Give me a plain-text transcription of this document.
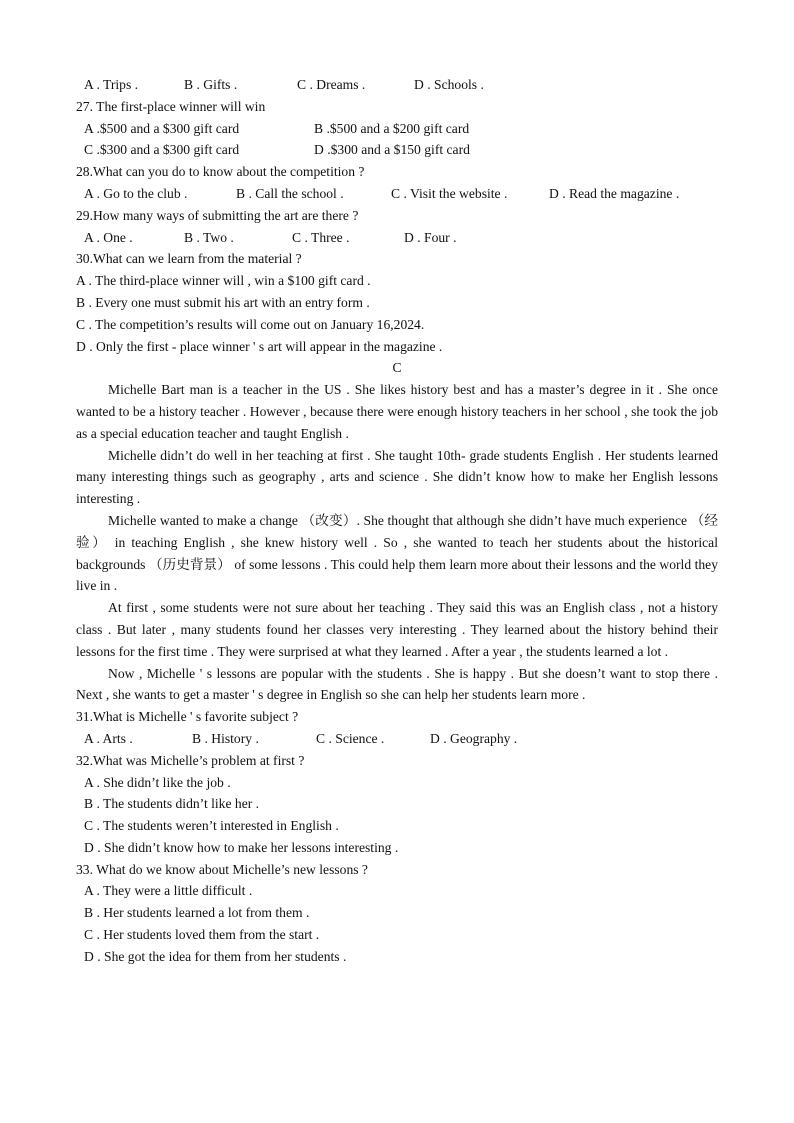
A . Trips .	B . Gifts .	C . Dreams .	D . Schools .
27. The first-place winner will win
A .$500 and a $300 gift card	B .$500 and a $200 gift card
C .$300 and a $300 gift card	D .$300 and a $150 gift card
28.What can you do to know about the competition ?
A . Go to the club .	B . Call the school .	C . Visit the website .	D . Read the magazine .
29.How many ways of submitting the art are there ?
A . One .	B . Two .	C . Three .	D . Four .
30.What can we learn from the material ?
A . The third-place winner will , win a $100 gift card .
B . Every one must submit his art with an entry form .
C . The competition’s results will come out on January 16,2024.
D . Only the first - place winner ' s art will appear in the magazine .
C

Michelle Bart man is a teacher in the US . She likes history best and has a master’s degree in it . She once wanted to be a history teacher . However , because there were enough history teachers in her school , she took the job as a special education teacher and taught English .

Michelle didn’t do well in her teaching at first . She taught 10th- grade students English . Her students learned many interesting things such as geography , arts and science . She didn’t know how to make her English lessons interesting .

Michelle wanted to make a change （改变）. She thought that although she didn’t have much experience （经验） in teaching English , she knew history well . So , she wanted to teach her students about the historical backgrounds （历史背景） of some lessons . This could help them learn more about their lessons and the world they live in .

At first , some students were not sure about her teaching . They said this was an English class , not a history class . But later , many students found her classes very interesting . They learned about the history behind their lessons for the first time . They were surprised at what they learned . After a year , the students learned a lot .

Now , Michelle ' s lessons are popular with the students . She is happy . But she doesn’t want to stop there . Next , she wants to get a master ' s degree in English so she can help her students learn more .

31.What is Michelle ' s favorite subject ?
A . Arts .	B . History .	C . Science .	D . Geography .
32.What was Michelle’s problem at first ?
A . She didn’t like the job .
B . The students didn’t like her .
C . The students weren’t interested in English .
D . She didn’t know how to make her lessons interesting .
33. What do we know about Michelle’s new lessons ?
A . They were a little difficult .
B . Her students learned a lot from them .
C . Her students loved them from the start .
D . She got the idea for them from her students .
